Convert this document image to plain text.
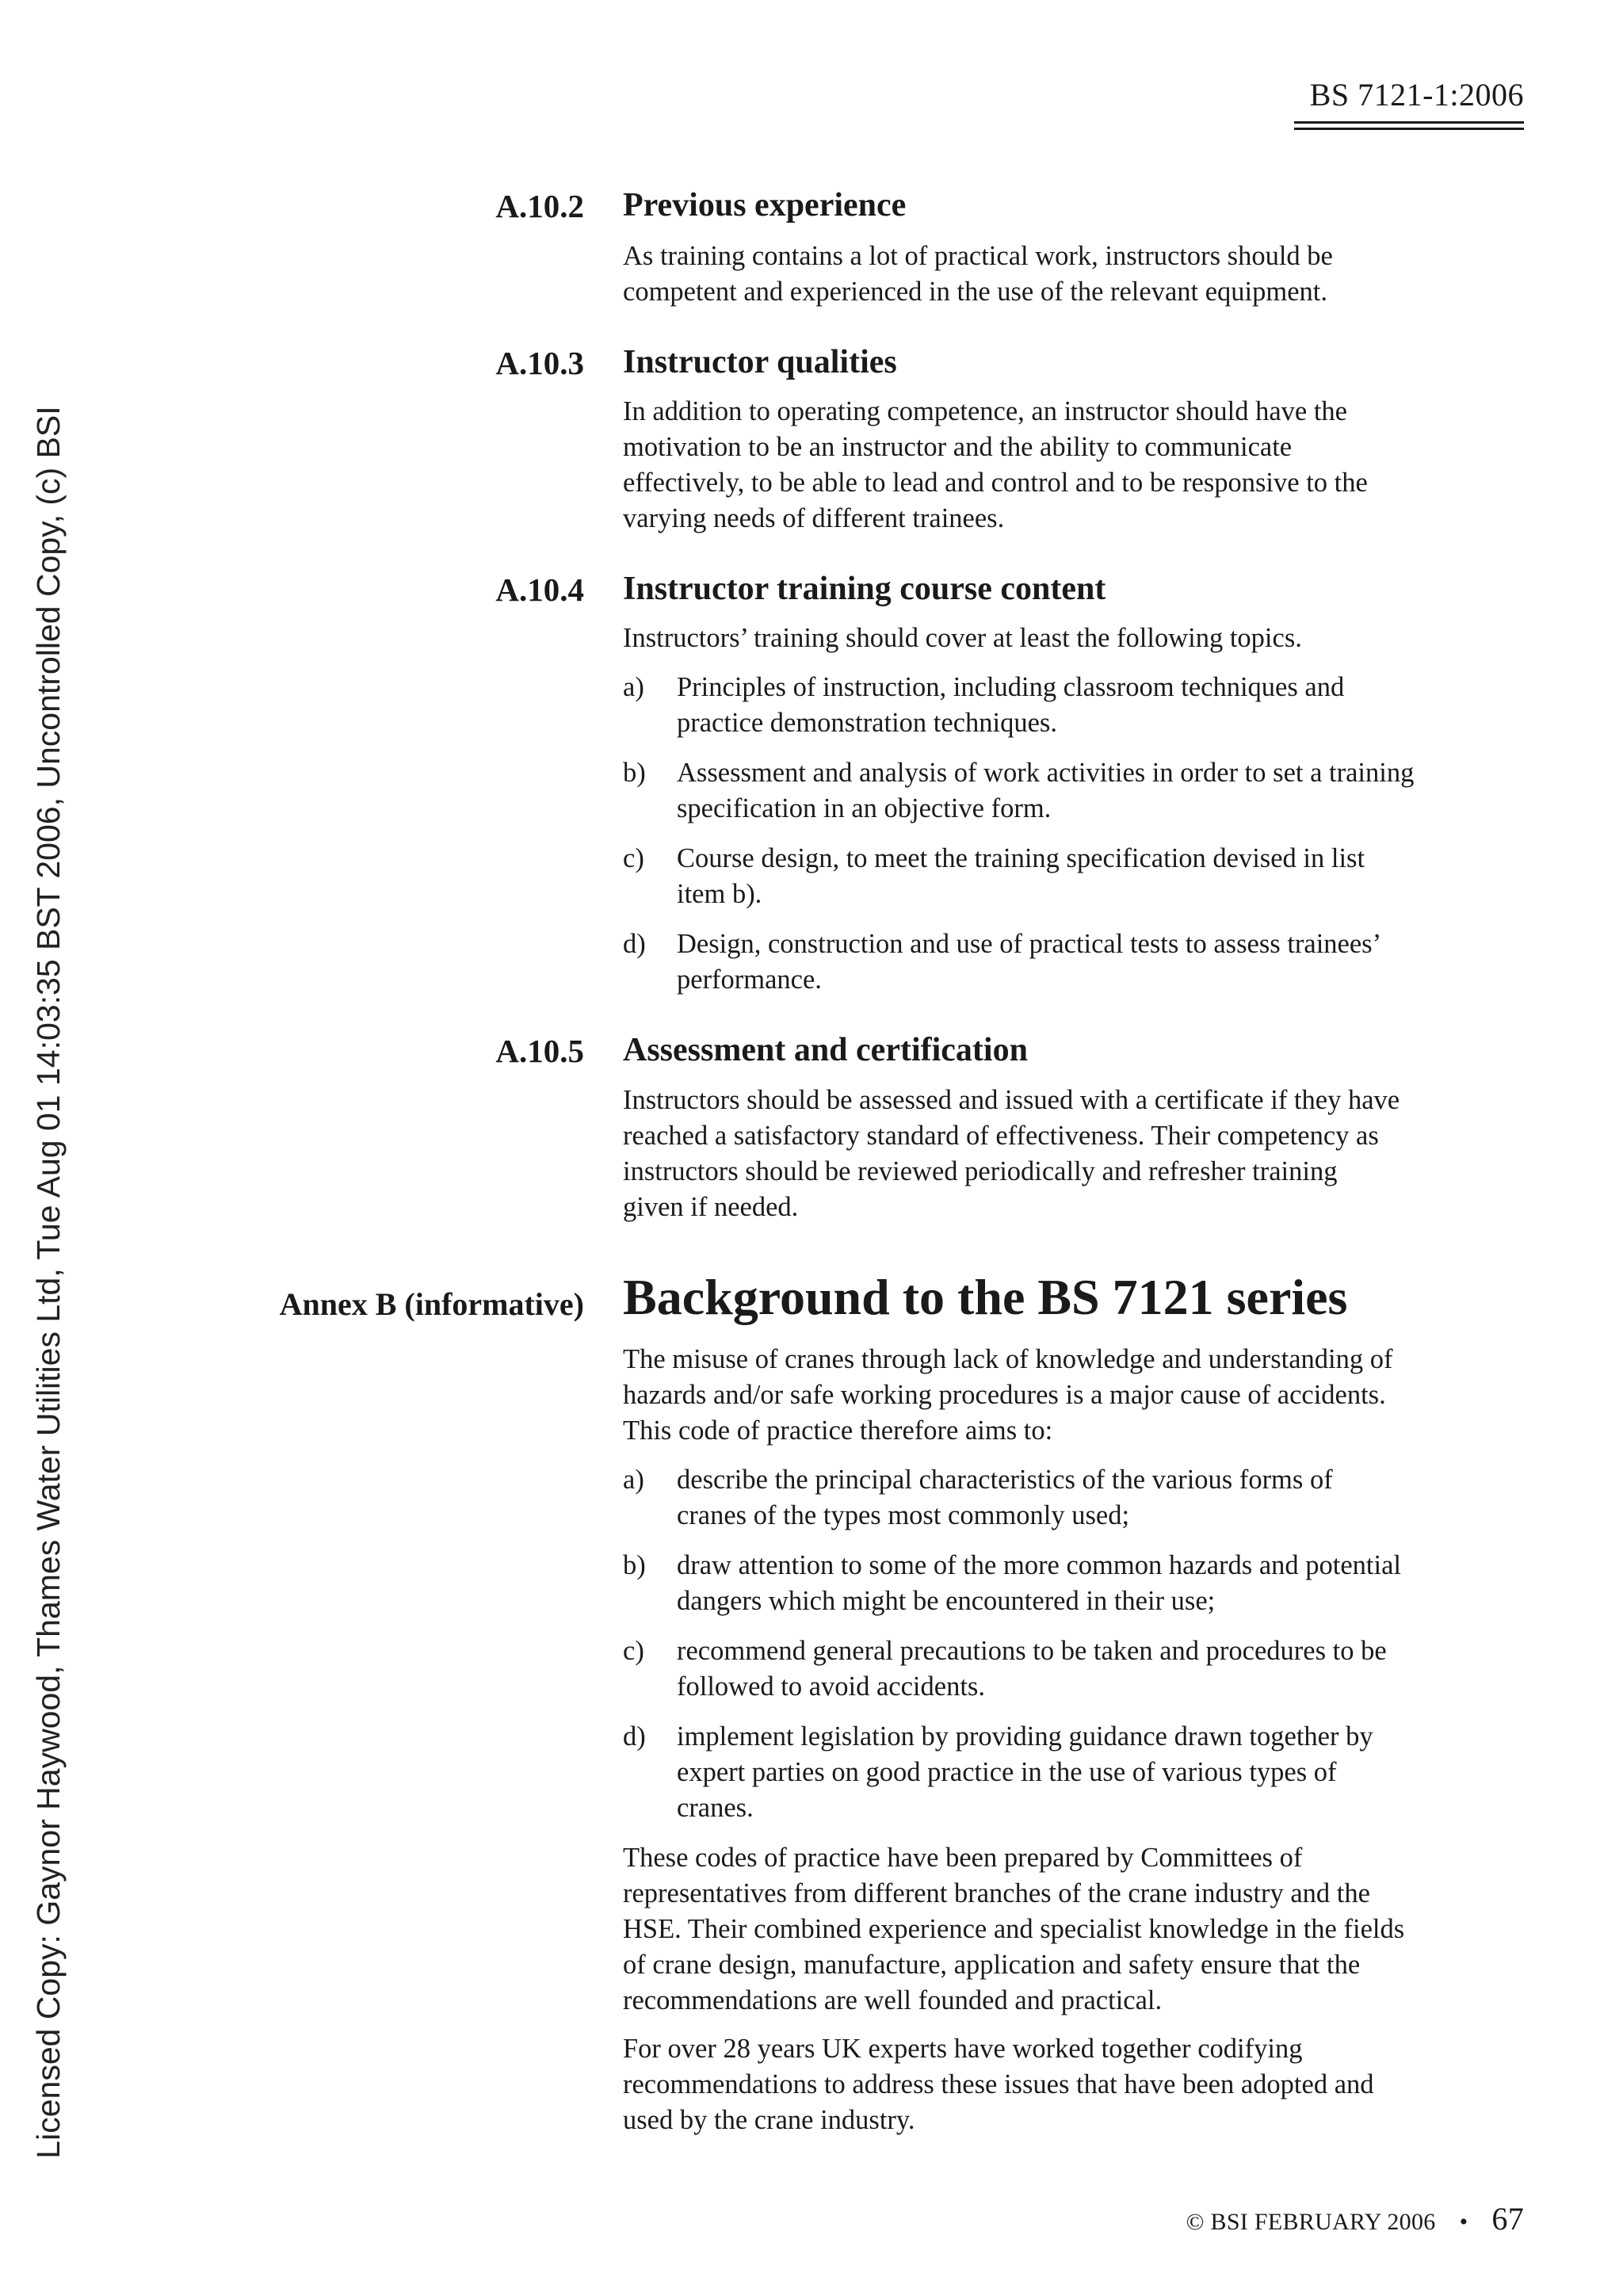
BS 7121-1:2006
Licensed Copy: Gaynor Haywood, Thames Water Utilities Ltd, Tue Aug 01 14:03:35 BST 2006, Uncontrolled Copy, (c) BSI
A.10.2 Previous experience
As training contains a lot of practical work, instructors should be
competent and experienced in the use of the relevant equipment.
A.10.3 Instructor qualities
In addition to operating competence, an instructor should have the
motivation to be an instructor and the ability to communicate
effectively, to be able to lead and control and to be responsive to the
varying needs of different trainees.
A.10.4 Instructor training course content
Instructors’ training should cover at least the following topics.
a) Principles of instruction, including classroom techniques and
practice demonstration techniques.
b) Assessment and analysis of work activities in order to set a training
specification in an objective form.
c) Course design, to meet the training specification devised in list
item b).
d) Design, construction and use of practical tests to assess trainees’
performance.
A.10.5 Assessment and certification
Instructors should be assessed and issued with a certificate if they have
reached a satisfactory standard of effectiveness. Their competency as
instructors should be reviewed periodically and refresher training
given if needed.
Annex B (informative) Background to the BS 7121 series
The misuse of cranes through lack of knowledge and understanding of
hazards and/or safe working procedures is a major cause of accidents.
This code of practice therefore aims to:
a) describe the principal characteristics of the various forms of
cranes of the types most commonly used;
b) draw attention to some of the more common hazards and potential
dangers which might be encountered in their use;
c) recommend general precautions to be taken and procedures to be
followed to avoid accidents.
d) implement legislation by providing guidance drawn together by
expert parties on good practice in the use of various types of
cranes.
These codes of practice have been prepared by Committees of
representatives from different branches of the crane industry and the
HSE. Their combined experience and specialist knowledge in the fields
of crane design, manufacture, application and safety ensure that the
recommendations are well founded and practical.
For over 28 years UK experts have worked together codifying
recommendations to address these issues that have been adopted and
used by the crane industry.
© BSI FEBRUARY 2006 • 67
